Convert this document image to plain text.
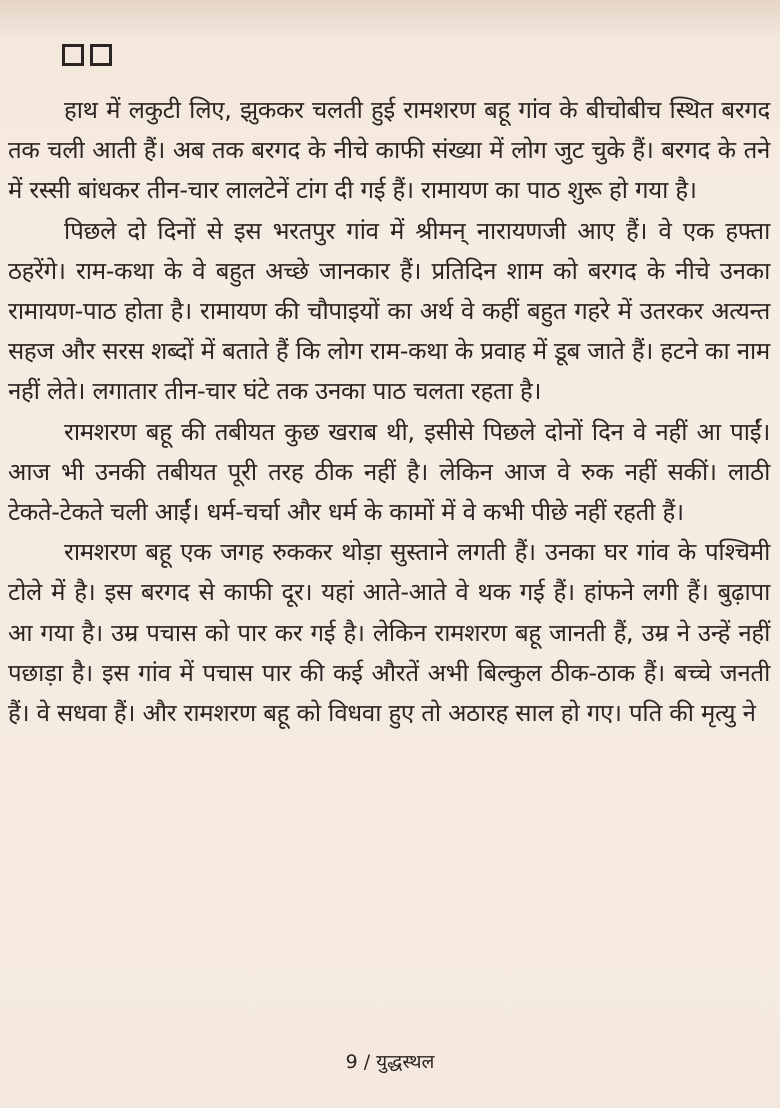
हाथ में लकुटी लिए, झुककर चलती हुई रामशरण बहू गांव के बीचोबीच स्थित बरगद तक चली आती हैं। अब तक बरगद के नीचे काफी संख्या में लोग जुट चुके हैं। बरगद के तने में रस्सी बांधकर तीन-चार लालटेनें टांग दी गई हैं। रामायण का पाठ शुरू हो गया है।

पिछले दो दिनों से इस भरतपुर गांव में श्रीमन् नारायणजी आए हैं। वे एक हफ्ता ठहरेंगे। राम-कथा के वे बहुत अच्छे जानकार हैं। प्रतिदिन शाम को बरगद के नीचे उनका रामायण-पाठ होता है। रामायण की चौपाइयों का अर्थ वे कहीं बहुत गहरे में उतरकर अत्यन्त सहज और सरस शब्दों में बताते हैं कि लोग राम-कथा के प्रवाह में डूब जाते हैं। हटने का नाम नहीं लेते। लगातार तीन-चार घंटे तक उनका पाठ चलता रहता है।

रामशरण बहू की तबीयत कुछ खराब थी, इसीसे पिछले दोनों दिन वे नहीं आ पाईं। आज भी उनकी तबीयत पूरी तरह ठीक नहीं है। लेकिन आज वे रुक नहीं सकीं। लाठी टेकते-टेकते चली आईं। धर्म-चर्चा और धर्म के कामों में वे कभी पीछे नहीं रहती हैं।

रामशरण बहू एक जगह रुककर थोड़ा सुस्ताने लगती हैं। उनका घर गांव के पश्चिमी टोले में है। इस बरगद से काफी दूर। यहां आते-आते वे थक गई हैं। हांफने लगी हैं। बुढ़ापा आ गया है। उम्र पचास को पार कर गई है। लेकिन रामशरण बहू जानती हैं, उम्र ने उन्हें नहीं पछाड़ा है। इस गांव में पचास पार की कई औरतें अभी बिल्कुल ठीक-ठाक हैं। बच्चे जनती हैं। वे सधवा हैं। और रामशरण बहू को विधवा हुए तो अठारह साल हो गए। पति की मृत्यु ने

9 / युद्धस्थल
